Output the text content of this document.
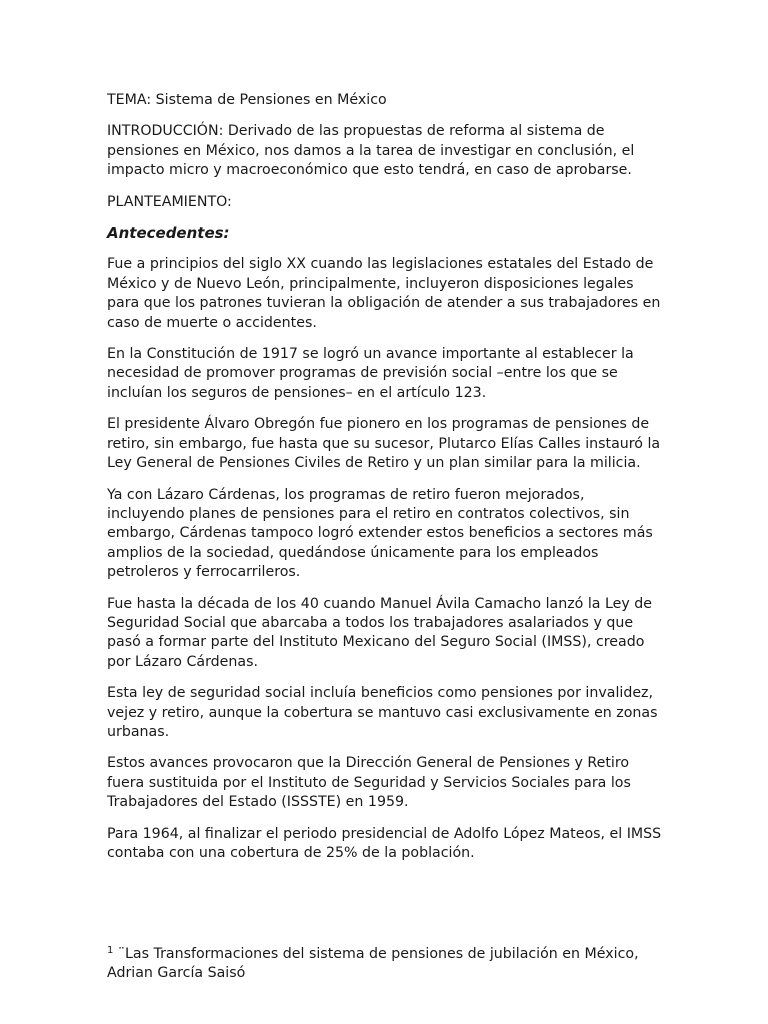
TEMA: Sistema de Pensiones en México

INTRODUCCIÓN: Derivado de las propuestas de reforma al sistema de pensiones en México, nos damos a la tarea de investigar en conclusión, el impacto micro y macroeconómico que esto tendrá, en caso de aprobarse.

PLANTEAMIENTO:

Antecedentes:

Fue a principios del siglo XX cuando las legislaciones estatales del Estado de México y de Nuevo León, principalmente, incluyeron disposiciones legales para que los patrones tuvieran la obligación de atender a sus trabajadores en caso de muerte o accidentes.

En la Constitución de 1917 se logró un avance importante al establecer la necesidad de promover programas de previsión social –entre los que se incluían los seguros de pensiones– en el artículo 123.

El presidente Álvaro Obregón fue pionero en los programas de pensiones de retiro, sin embargo, fue hasta que su sucesor, Plutarco Elías Calles instauró la Ley General de Pensiones Civiles de Retiro y un plan similar para la milicia.

Ya con Lázaro Cárdenas, los programas de retiro fueron mejorados, incluyendo planes de pensiones para el retiro en contratos colectivos, sin embargo, Cárdenas tampoco logró extender estos beneficios a sectores más amplios de la sociedad, quedándose únicamente para los empleados petroleros y ferrocarrileros.

Fue hasta la década de los 40 cuando Manuel Ávila Camacho lanzó la Ley de Seguridad Social que abarcaba a todos los trabajadores asalariados y que pasó a formar parte del Instituto Mexicano del Seguro Social (IMSS), creado por Lázaro Cárdenas.

Esta ley de seguridad social incluía beneficios como pensiones por invalidez, vejez y retiro, aunque la cobertura se mantuvo casi exclusivamente en zonas urbanas.

Estos avances provocaron que la Dirección General de Pensiones y Retiro fuera sustituida por el Instituto de Seguridad y Servicios Sociales para los Trabajadores del Estado (ISSSTE) en 1959.

Para 1964, al finalizar el periodo presidencial de Adolfo López Mateos, el IMSS contaba con una cobertura de 25% de la población.

$^1$ ¨Las Transformaciones del sistema de pensiones de jubilación en México, Adrian García Saisó
